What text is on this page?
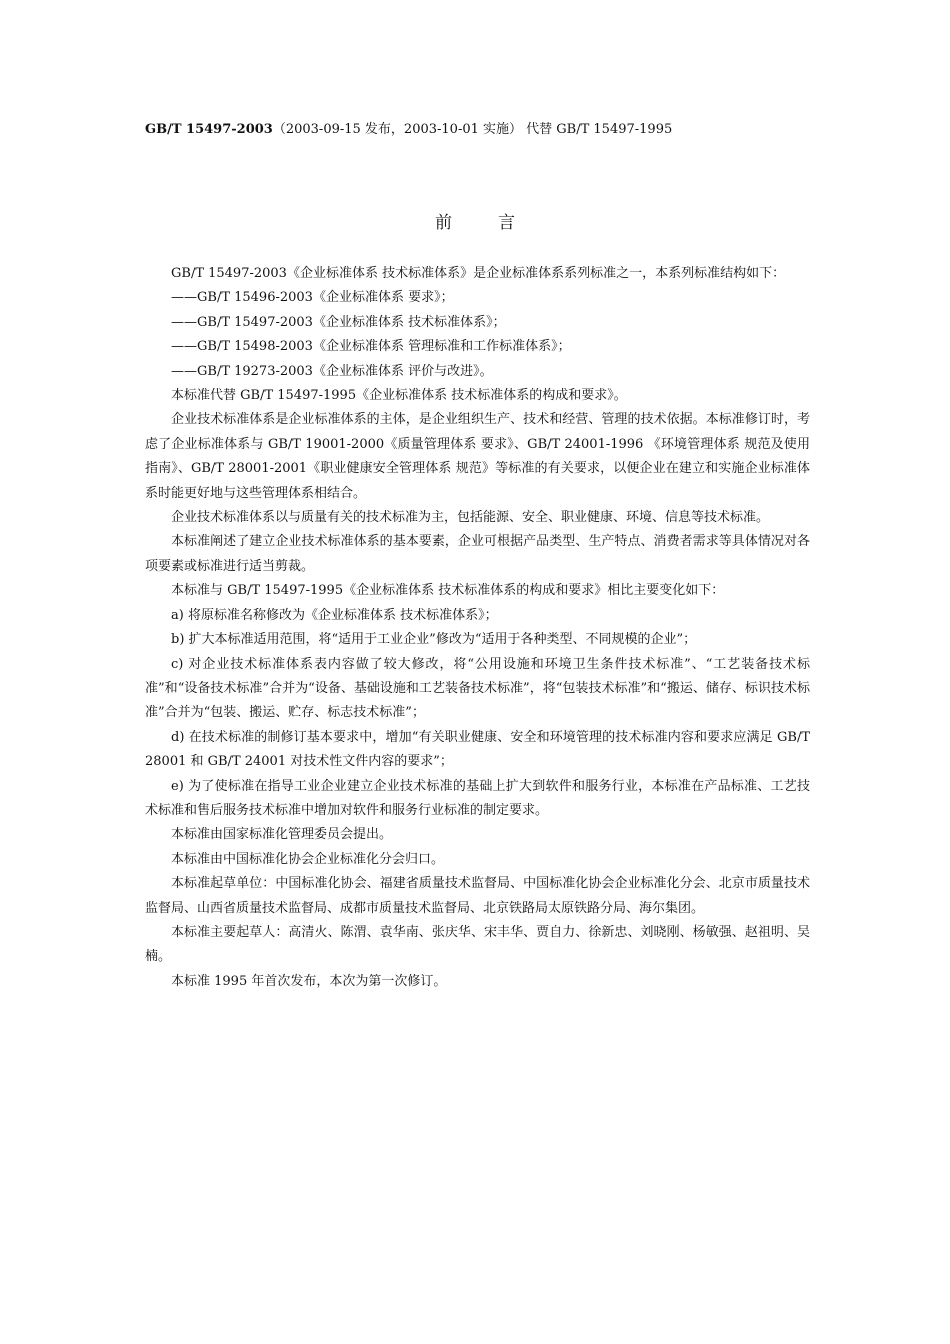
GB/T 15497-2003（2003-09-15 发布，2003-10-01 实施） 代替 GB/T 15497-1995
前言

GB/T 15497-2003《企业标准体系 技术标准体系》是企业标准体系系列标准之一，本系列标准结构如下：

——GB/T 15496-2003《企业标准体系 要求》；

——GB/T 15497-2003《企业标准体系 技术标准体系》；

——GB/T 15498-2003《企业标准体系 管理标准和工作标准体系》；

——GB/T 19273-2003《企业标准体系 评价与改进》。

本标准代替 GB/T 15497-1995《企业标准体系 技术标准体系的构成和要求》。

企业技术标准体系是企业标准体系的主体，是企业组织生产、技术和经营、管理的技术依据。本标准修订时，考虑了企业标准体系与 GB/T 19001-2000《质量管理体系 要求》、GB/T 24001-1996 《环境管理体系 规范及使用指南》、GB/T 28001-2001《职业健康安全管理体系 规范》等标准的有关要求，以便企业在建立和实施企业标准体系时能更好地与这些管理体系相结合。

企业技术标准体系以与质量有关的技术标准为主，包括能源、安全、职业健康、环境、信息等技术标准。

本标准阐述了建立企业技术标准体系的基本要素，企业可根据产品类型、生产特点、消费者需求等具体情况对各项要素或标准进行适当剪裁。

本标准与 GB/T 15497-1995《企业标准体系 技术标准体系的构成和要求》相比主要变化如下：

a) 将原标准名称修改为《企业标准体系 技术标准体系》；

b) 扩大本标准适用范围，将“适用于工业企业”修改为“适用于各种类型、不同规模的企业”；

c) 对企业技术标准体系表内容做了较大修改，将“公用设施和环境卫生条件技术标准”、“工艺装备技术标准”和“设备技术标准”合并为“设备、基础设施和工艺装备技术标准”，将“包装技术标准”和“搬运、储存、标识技术标准”合并为“包装、搬运、贮存、标志技术标准”；

d) 在技术标准的制修订基本要求中，增加“有关职业健康、安全和环境管理的技术标准内容和要求应满足 GB/T 28001 和 GB/T 24001 对技术性文件内容的要求”；

e) 为了使标准在指导工业企业建立企业技术标准的基础上扩大到软件和服务行业，本标准在产品标准、工艺技术标准和售后服务技术标准中增加对软件和服务行业标准的制定要求。

本标准由国家标准化管理委员会提出。

本标准由中国标准化协会企业标准化分会归口。

本标准起草单位：中国标准化协会、福建省质量技术监督局、中国标准化协会企业标准化分会、北京市质量技术监督局、山西省质量技术监督局、成都市质量技术监督局、北京铁路局太原铁路分局、海尔集团。

本标准主要起草人：高清火、陈渭、袁华南、张庆华、宋丰华、贾自力、徐新忠、刘晓刚、杨敏强、赵祖明、吴楠。

本标准 1995 年首次发布，本次为第一次修订。
